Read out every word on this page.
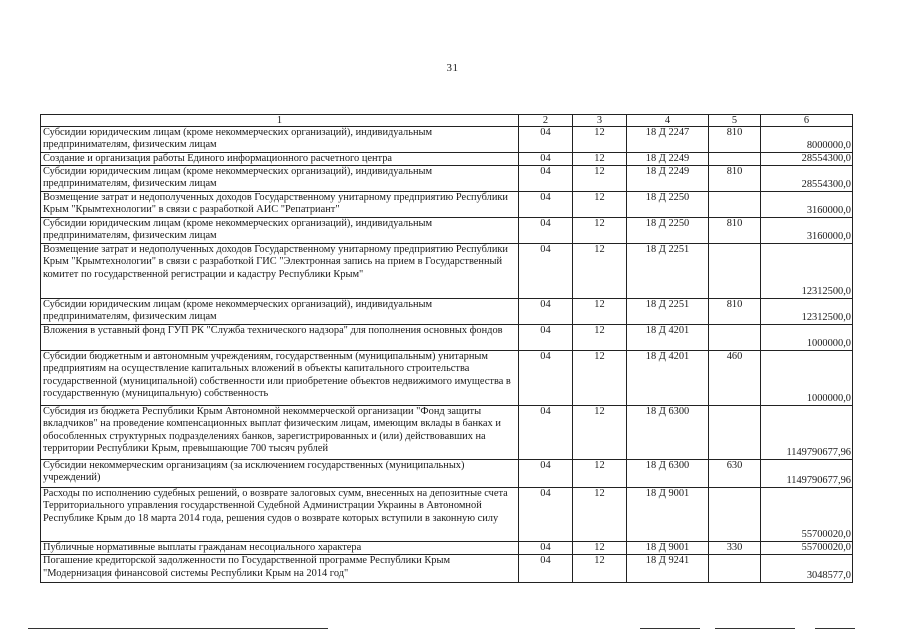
31
1	2	3	4	5	6
Субсидии юридическим лицам (кроме некоммерческих организаций), индивидуальным предпринимателям, физическим лицам	04	12	18 Д 2247	810	8000000,0
Создание и организация работы Единого информационного расчетного центра	04	12	18 Д 2249		28554300,0
Субсидии юридическим лицам (кроме некоммерческих организаций), индивидуальным предпринимателям, физическим лицам	04	12	18 Д 2249	810	28554300,0
Возмещение затрат и недополученных доходов Государственному унитарному предприятию Республики Крым "Крымтехнологии" в связи с разработкой АИС "Репатриант"	04	12	18 Д 2250		3160000,0
Субсидии юридическим лицам (кроме некоммерческих организаций), индивидуальным предпринимателям, физическим лицам	04	12	18 Д 2250	810	3160000,0
Возмещение затрат и недополученных доходов Государственному унитарному предприятию Республики Крым "Крымтехнологии" в связи с разработкой ГИС "Электронная запись на прием в Государственный комитет по государственной регистрации и кадастру Республики Крым"	04	12	18 Д 2251		12312500,0
Субсидии юридическим лицам (кроме некоммерческих организаций), индивидуальным предпринимателям, физическим лицам	04	12	18 Д 2251	810	12312500,0
Вложения в уставный фонд ГУП РК "Служба технического надзора" для пополнения основных фондов	04	12	18 Д 4201		1000000,0
Субсидии бюджетным и автономным учреждениям, государственным (муниципальным) унитарным предприятиям на осуществление капитальных вложений в объекты капитального строительства государственной (муниципальной) собственности или приобретение объектов недвижимого имущества в государственную (муниципальную) собственность	04	12	18 Д 4201	460	1000000,0
Субсидия из бюджета Республики Крым Автономной некоммерческой организации "Фонд защиты вкладчиков" на проведение компенсационных выплат физическим лицам, имеющим вклады в банках и обособленных структурных подразделениях банков, зарегистрированных и (или) действовавших на территории Республики Крым, превышающие 700 тысяч рублей	04	12	18 Д 6300		1149790677,96
Субсидии некоммерческим организациям (за исключением государственных (муниципальных) учреждений)	04	12	18 Д 6300	630	1149790677,96
Расходы по исполнению судебных решений, о возврате залоговых сумм, внесенных на депозитные счета Территориального управления государственной Судебной Администрации Украины в Автономной Республике Крым до 18 марта 2014 года, решения судов о возврате которых вступили в законную силу	04	12	18 Д 9001		55700020,0
Публичные нормативные выплаты гражданам несоциального характера	04	12	18 Д 9001	330	55700020,0
Погашение кредиторской задолженности по Государственной программе Республики Крым "Модернизация финансовой системы Республики Крым на 2014 год"	04	12	18 Д 9241		3048577,0
